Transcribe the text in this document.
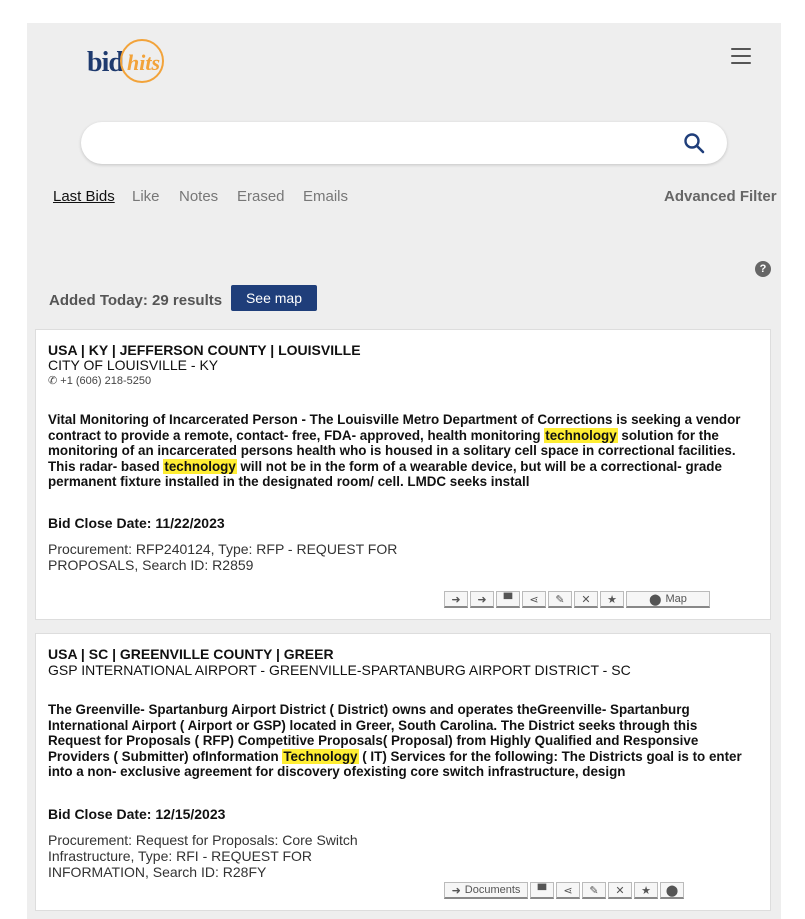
bid hits
Last Bids Like Notes Erased Emails	Advanced Filter
?
Added Today: 29 results	See map
USA | KY | JEFFERSON COUNTY | LOUISVILLE
CITY OF LOUISVILLE - KY
✆ +1 (606) 218-5250
Vital Monitoring of Incarcerated Person - The Louisville Metro Department of Corrections is seeking a vendor contract to provide a remote, contact- free, FDA- approved, health monitoring technology solution for the monitoring of an incarcerated persons health who is housed in a solitary cell space in correctional facilities. This radar- based technology will not be in the form of a wearable device, but will be a correctional- grade permanent fixture installed in the designated room/ cell. LMDC seeks install
Bid Close Date: 11/22/2023
Procurement: RFP240124, Type: RFP - REQUEST FOR PROPOSALS, Search ID: R2859
➜ ➜ ▀ ⋖ ✎ ✕ ★	⬤ Map
USA | SC | GREENVILLE COUNTY | GREER
GSP INTERNATIONAL AIRPORT - GREENVILLE-SPARTANBURG AIRPORT DISTRICT - SC
The Greenville- Spartanburg Airport District ( District) owns and operates theGreenville- Spartanburg International Airport ( Airport or GSP) located in Greer, South Carolina. The District seeks through this Request for Proposals ( RFP) Competitive Proposals( Proposal) from Highly Qualified and Responsive Providers ( Submitter) ofInformation Technology ( IT) Services for the following: The Districts goal is to enter into a non- exclusive agreement for discovery ofexisting core switch infrastructure, design
Bid Close Date: 12/15/2023
Procurement: Request for Proposals: Core Switch Infrastructure, Type: RFI - REQUEST FOR INFORMATION, Search ID: R28FY
➜ Documents ▀ ⋖ ✎ ✕ ★ ⬤
